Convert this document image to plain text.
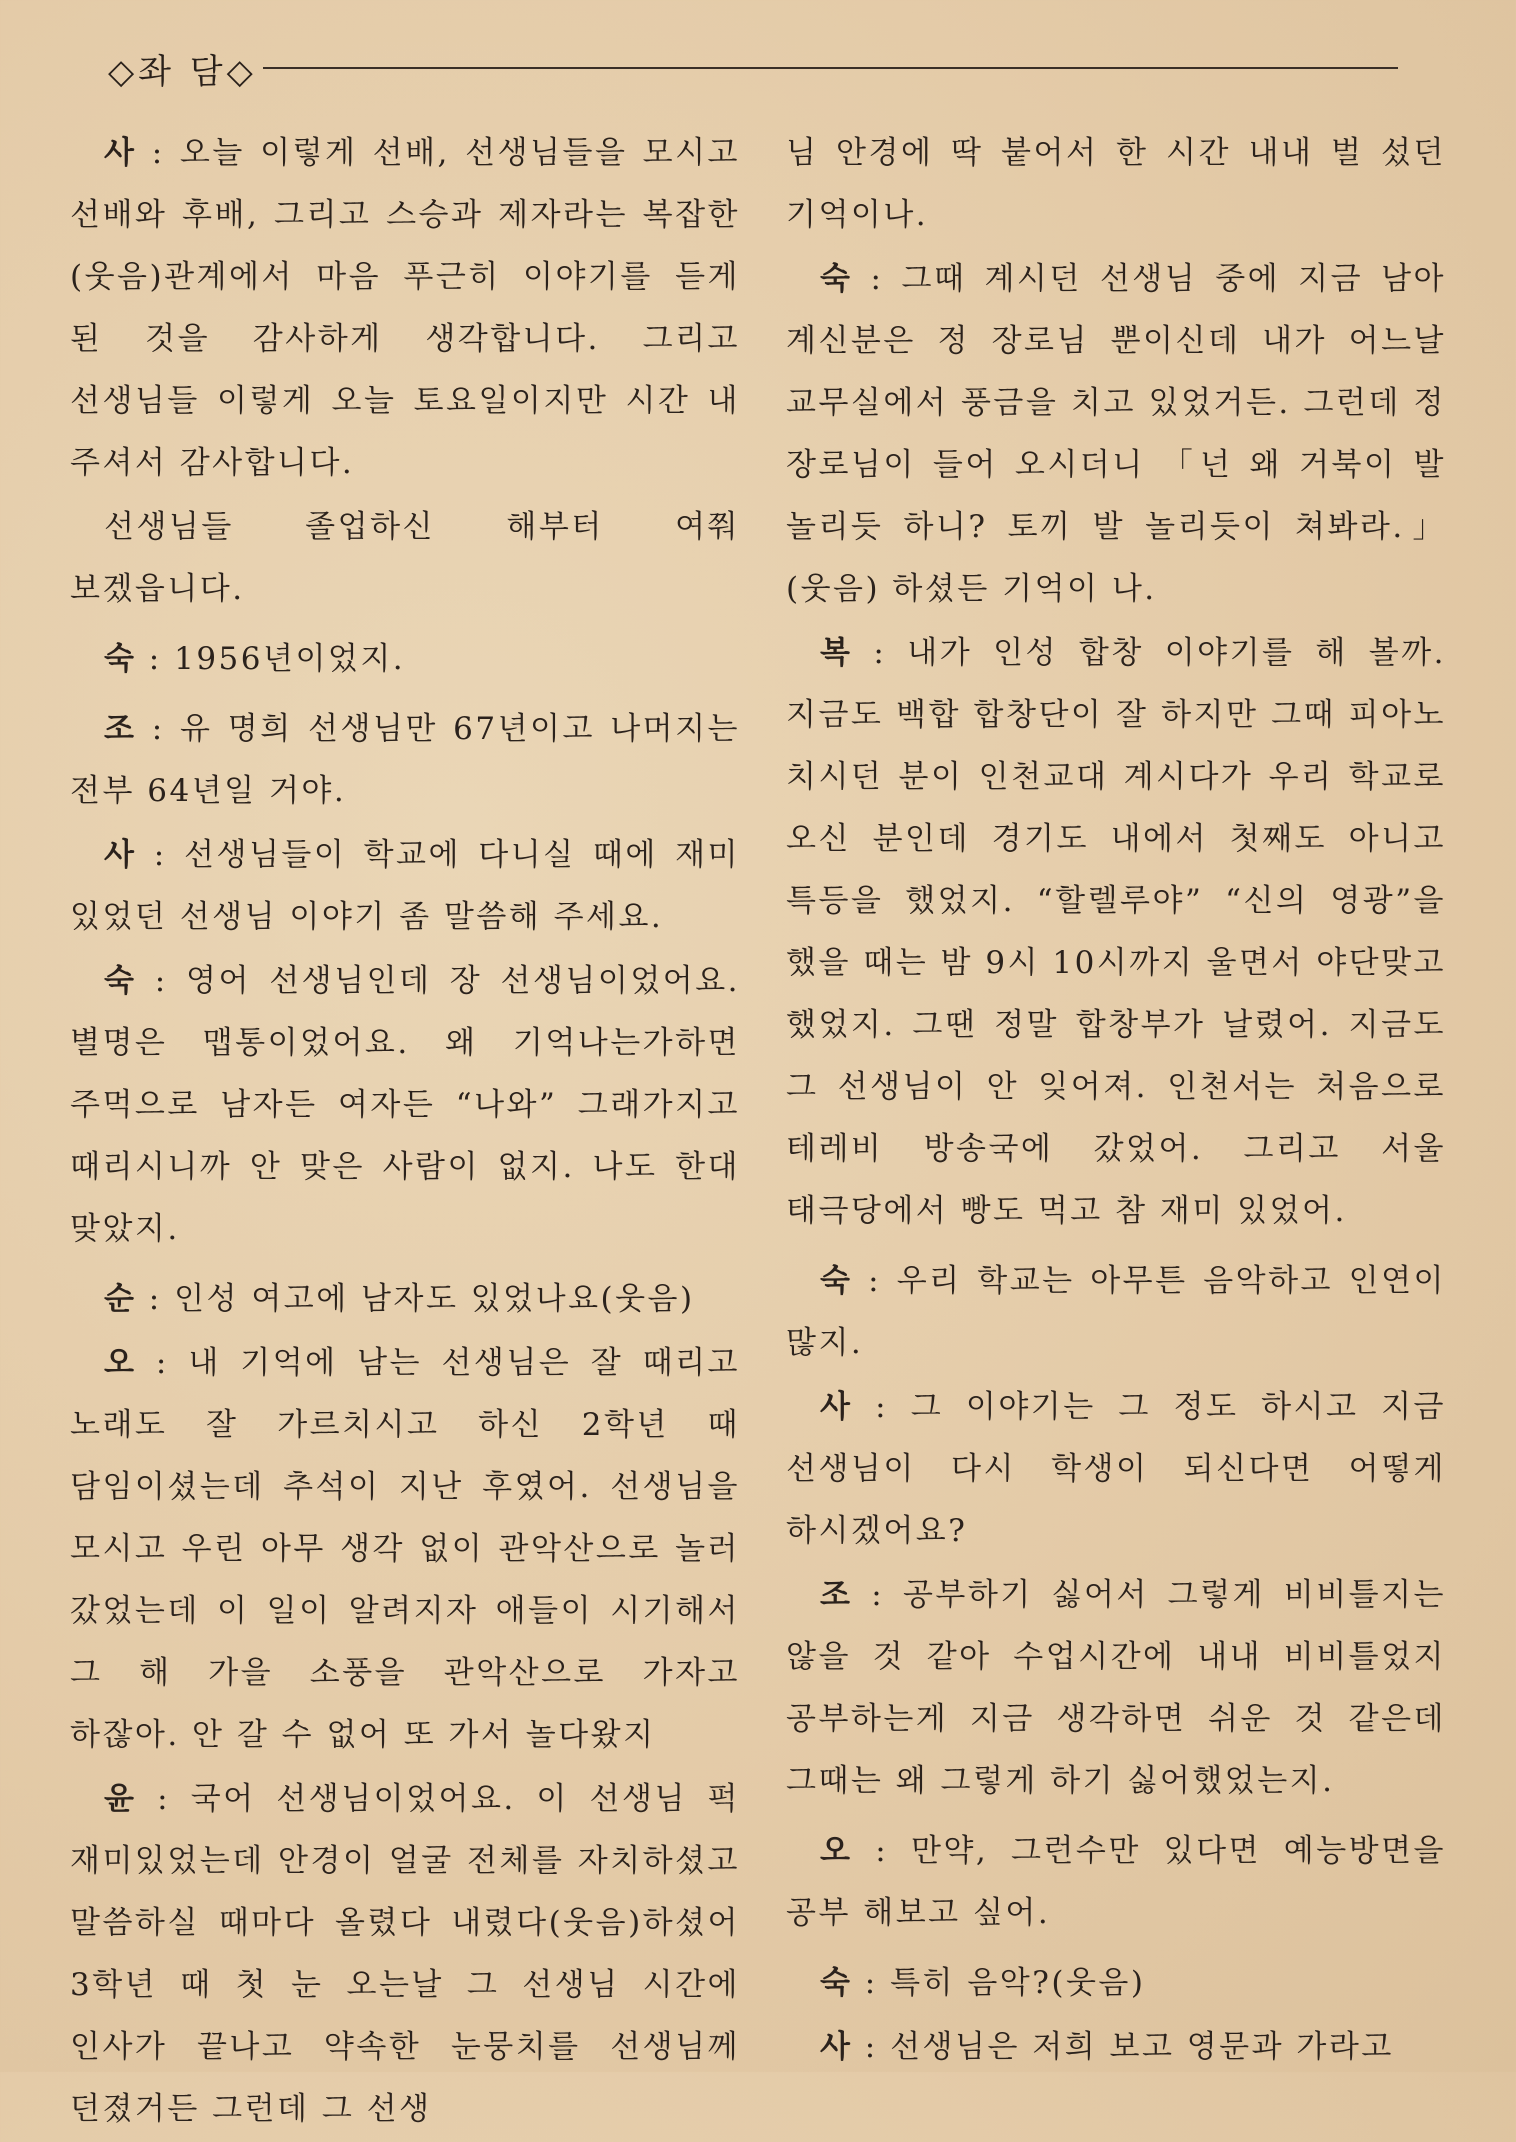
◇좌 담◇

사 : 오늘 이렇게 선배, 선생님들을 모시고 선배와 후배, 그리고 스승과 제자라는 복잡한(웃음)관계에서 마음 푸근히 이야기를 듣게 된 것을 감사하게 생각합니다. 그리고 선생님들 이렇게 오늘 토요일이지만 시간 내 주셔서 감사합니다.

선생님들 졸업하신 해부터 여쭤 보겠읍니다.

숙 : 1956년이었지.

조 : 유 명희 선생님만 67년이고 나머지는 전부 64년일 거야.

사 : 선생님들이 학교에 다니실 때에 재미 있었던 선생님 이야기 좀 말씀해 주세요.

숙 : 영어 선생님인데 장 선생님이었어요. 별명은 맵통이었어요. 왜 기억나는가하면 주먹으로 남자든 여자든 “나와” 그래가지고 때리시니까 안 맞은 사람이 없지. 나도 한대 맞았지.

순 : 인성 여고에 남자도 있었나요(웃음)

오 : 내 기억에 남는 선생님은 잘 때리고 노래도 잘 가르치시고 하신 2학년 때 담임이셨는데 추석이 지난 후였어. 선생님을 모시고 우린 아무 생각 없이 관악산으로 놀러 갔었는데 이 일이 알려지자 애들이 시기해서 그 해 가을 소풍을 관악산으로 가자고 하잖아. 안 갈 수 없어 또 가서 놀다왔지

윤 : 국어 선생님이었어요. 이 선생님 퍽 재미있었는데 안경이 얼굴 전체를 자치하셨고 말씀하실 때마다 올렸다 내렸다(웃음)하셨어 3학년 때 첫 눈 오는날 그 선생님 시간에 인사가 끝나고 약속한 눈뭉치를 선생님께 던졌거든 그런데 그 선생

님 안경에 딱 붙어서 한 시간 내내 벌 섰던 기억이나.

숙 : 그때 계시던 선생님 중에 지금 남아 계신분은 정 장로님 뿐이신데 내가 어느날 교무실에서 풍금을 치고 있었거든. 그런데 정 장로님이 들어 오시더니 「넌 왜 거북이 발 놀리듯 하니? 토끼 발 놀리듯이 쳐봐라.」(웃음) 하셨든 기억이 나.

복 : 내가 인성 합창 이야기를 해 볼까. 지금도 백합 합창단이 잘 하지만 그때 피아노 치시던 분이 인천교대 계시다가 우리 학교로 오신 분인데 경기도 내에서 첫째도 아니고 특등을 했었지. “할렐루야” “신의 영광”을 했을 때는 밤 9시 10시까지 울면서 야단맞고 했었지. 그땐 정말 합창부가 날렸어. 지금도 그 선생님이 안 잊어져. 인천서는 처음으로 테레비 방송국에 갔었어. 그리고 서울 태극당에서 빵도 먹고 참 재미 있었어.

숙 : 우리 학교는 아무튼 음악하고 인연이 많지.

사 : 그 이야기는 그 정도 하시고 지금 선생님이 다시 학생이 되신다면 어떻게 하시겠어요?

조 : 공부하기 싫어서 그렇게 비비틀지는 않을 것 같아 수업시간에 내내 비비틀었지 공부하는게 지금 생각하면 쉬운 것 같은데 그때는 왜 그렇게 하기 싫어했었는지.

오 : 만약, 그런수만 있다면 예능방면을 공부 해보고 싶어.

숙 : 특히 음악?(웃음)

사 : 선생님은 저희 보고 영문과 가라고
